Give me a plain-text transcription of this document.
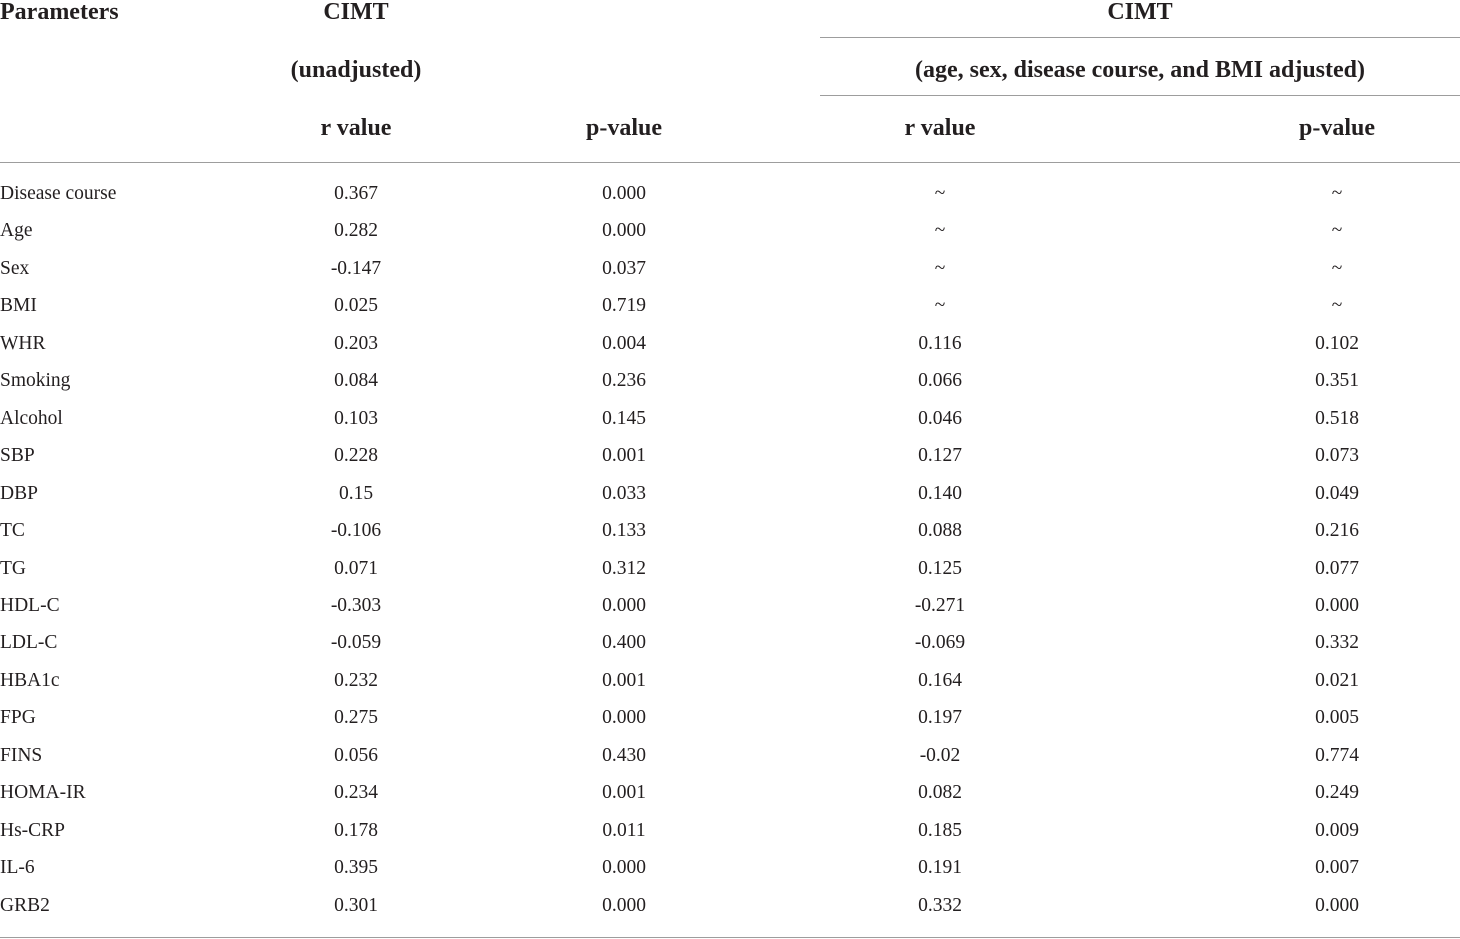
Parameters	CIMT
(unadjusted)
CIMT
(age, sex, disease course, and BMI adjusted)
r value	p-value	r value	p-value
Disease course	0.367	0.000	~	~
Age	0.282	0.000	~	~
Sex	-0.147	0.037	~	~
BMI	0.025	0.719	~	~
WHR	0.203	0.004	0.116	0.102
Smoking	0.084	0.236	0.066	0.351
Alcohol	0.103	0.145	0.046	0.518
SBP	0.228	0.001	0.127	0.073
DBP	0.15	0.033	0.140	0.049
TC	-0.106	0.133	0.088	0.216
TG	0.071	0.312	0.125	0.077
HDL-C	-0.303	0.000	-0.271	0.000
LDL-C	-0.059	0.400	-0.069	0.332
HBA1c	0.232	0.001	0.164	0.021
FPG	0.275	0.000	0.197	0.005
FINS	0.056	0.430	-0.02	0.774
HOMA-IR	0.234	0.001	0.082	0.249
Hs-CRP	0.178	0.011	0.185	0.009
IL-6	0.395	0.000	0.191	0.007
GRB2	0.301	0.000	0.332	0.000
